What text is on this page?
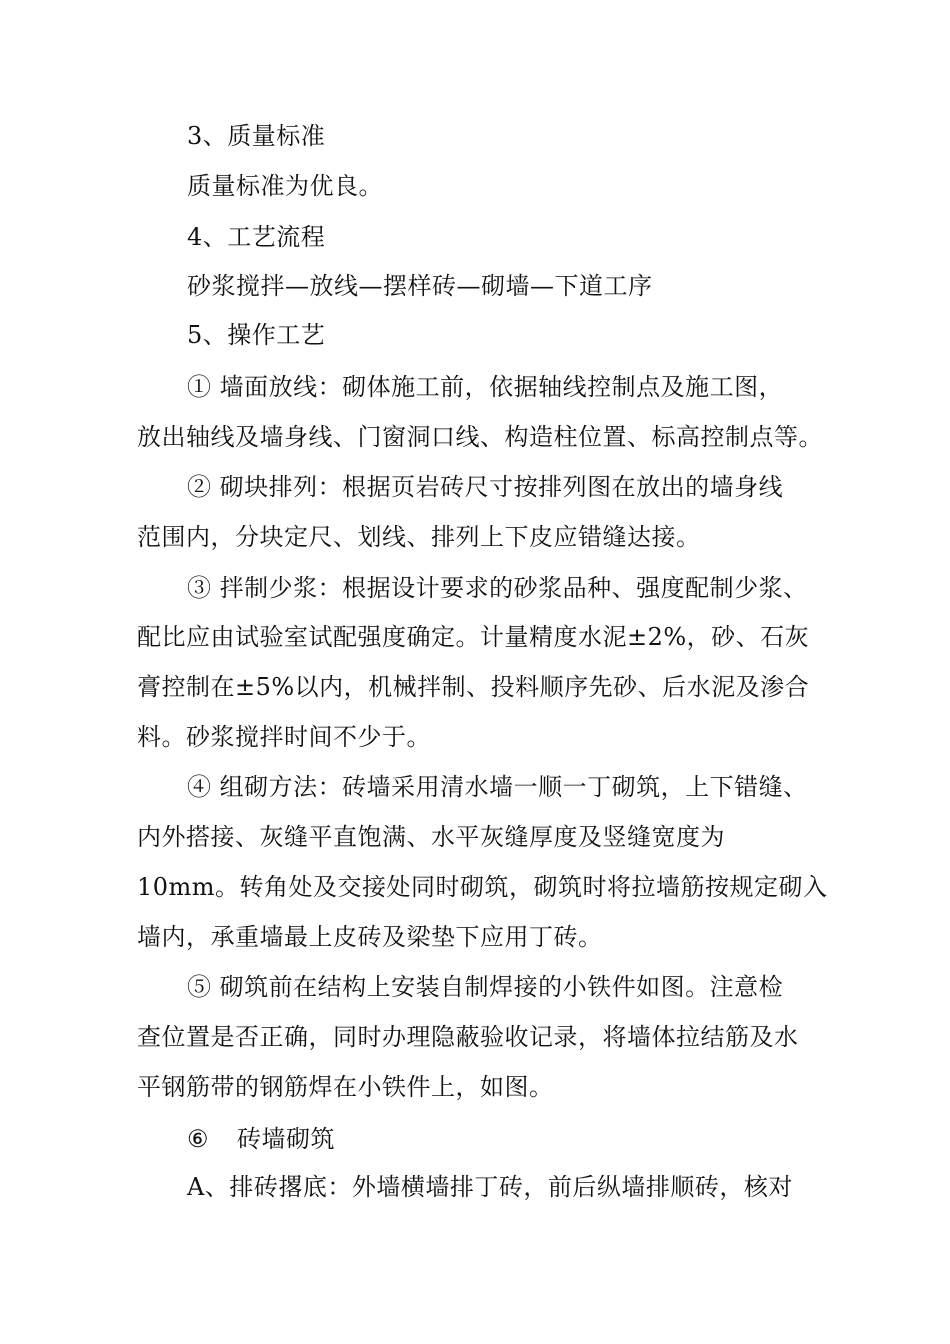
3、质量标准
质量标准为优良。
4、工艺流程
砂浆搅拌—放线—摆样砖—砌墙—下道工序
5、操作工艺
① 墙面放线：砌体施工前，依据轴线控制点及施工图，
放出轴线及墙身线、门窗洞口线、构造柱位置、标高控制点等。
② 砌块排列：根据页岩砖尺寸按排列图在放出的墙身线
范围内，分块定尺、划线、排列上下皮应错缝达接。
③ 拌制少浆：根据设计要求的砂浆品种、强度配制少浆、
配比应由试验室试配强度确定。计量精度水泥±2%，砂、石灰
膏控制在±5%以内，机械拌制、投料顺序先砂、后水泥及渗合
料。砂浆搅拌时间不少于。
④ 组砌方法：砖墙采用清水墙一顺一丁砌筑，上下错缝、
内外搭接、灰缝平直饱满、水平灰缝厚度及竖缝宽度为
10mm。转角处及交接处同时砌筑，砌筑时将拉墙筋按规定砌入
墙内，承重墙最上皮砖及梁垫下应用丁砖。
⑤ 砌筑前在结构上安装自制焊接的小铁件如图。注意检
查位置是否正确，同时办理隐蔽验收记录，将墙体拉结筋及水
平钢筋带的钢筋焊在小铁件上，如图。
⑥ 砖墙砌筑
A、排砖撂底：外墙横墙排丁砖，前后纵墙排顺砖，核对
